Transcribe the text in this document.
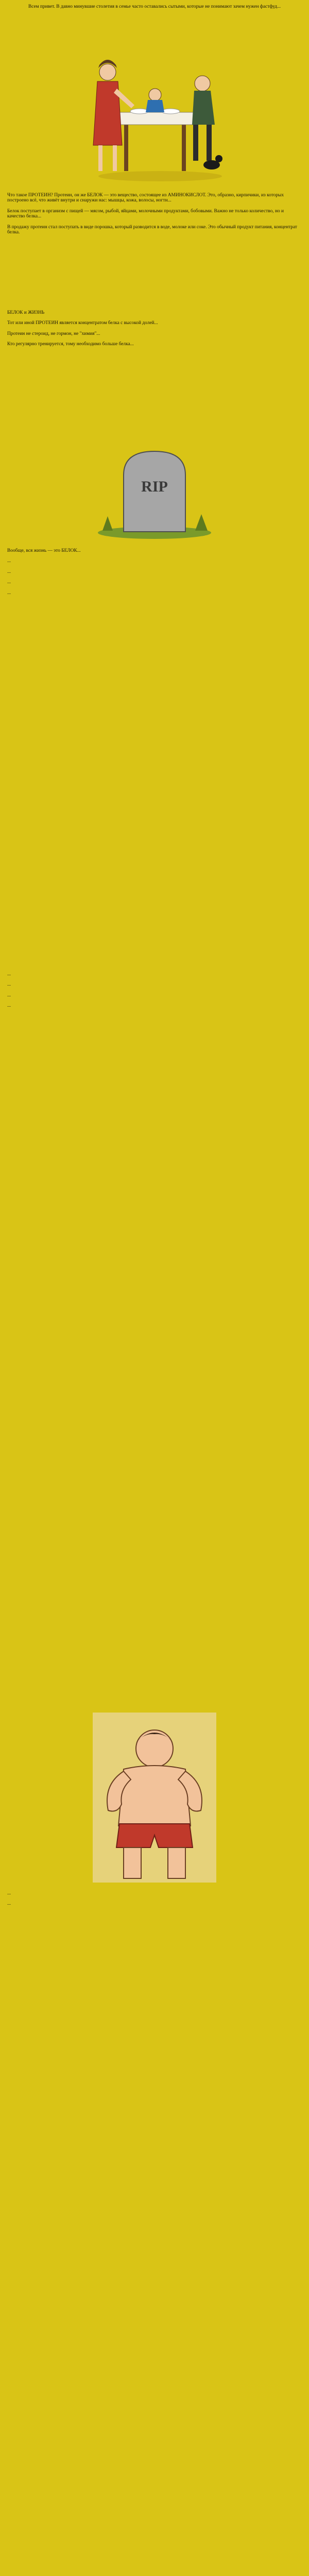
Всем привет. В давно минувшие столетия в семье часто оставались сытыми, которые не понимают зачем нужен фастфуд...

Что такое ПРОТЕИН? Протеин, он же БЕЛОК — это вещество, состоящее из АМИНОКИСЛОТ. Это, образно, кирпичики, из которых построено всё, что живёт внутри и снаружи нас: мышцы, кожа, волосы, ногти...

Белок поступает в организм с пищей — мясом, рыбой, яйцами, молочными продуктами, бобовыми. Важно не только количество, но и качество белка...

В продажу протеин стал поступать в виде порошка, который разводится в воде, молоке или соке. Это обычный продукт питания, концентрат белка.

БЕЛОК и ЖИЗНЬ

Тот или иной ПРОТЕИН является концентратом белка с высокой долей...

Протеин не стероид, не гормон, не "химия"...

Кто регулярно тренируется, тому необходимо больше белка...

RIP

Вообще, вся жизнь — это БЕЛОК...

...

...

...

...

...

...

...

...

...

...
